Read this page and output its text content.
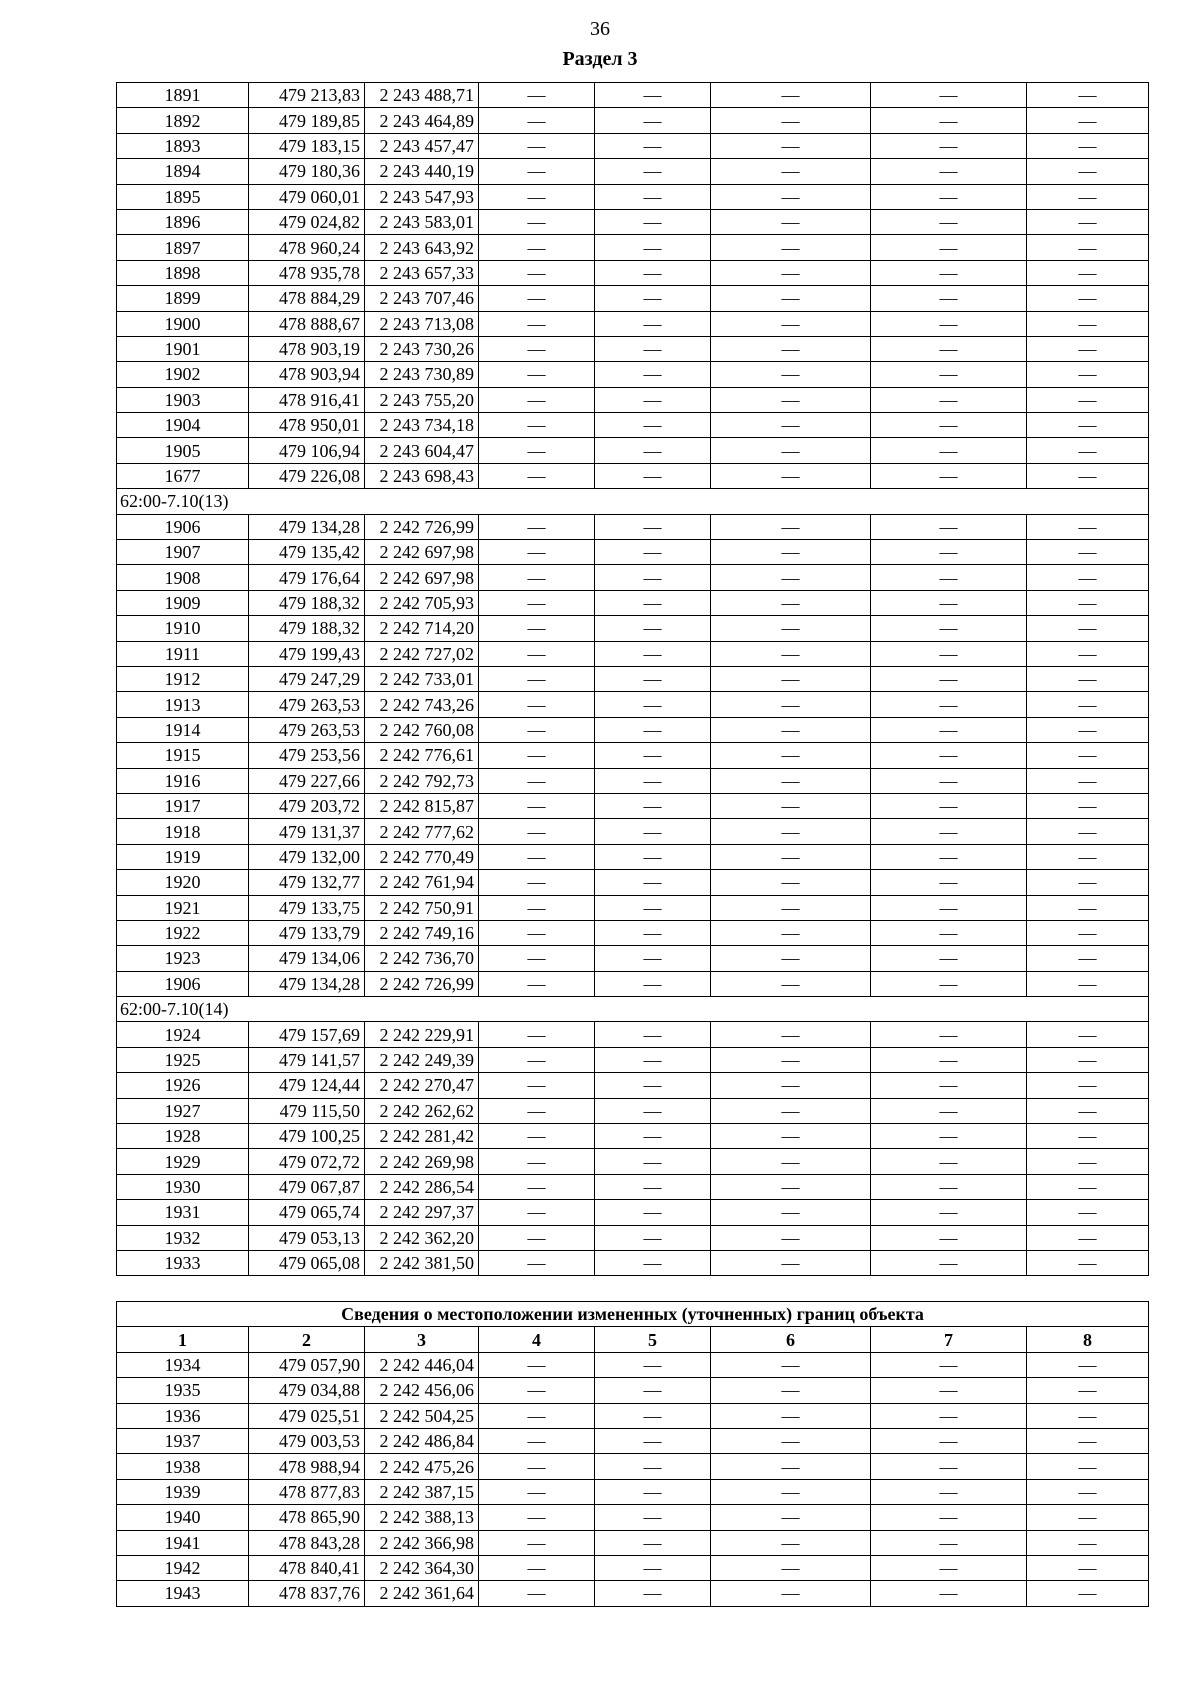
36
Раздел 3
1891	479 213,83	2 243 488,71	—	—	—	—	—
1892	479 189,85	2 243 464,89	—	—	—	—	—
1893	479 183,15	2 243 457,47	—	—	—	—	—
1894	479 180,36	2 243 440,19	—	—	—	—	—
1895	479 060,01	2 243 547,93	—	—	—	—	—
1896	479 024,82	2 243 583,01	—	—	—	—	—
1897	478 960,24	2 243 643,92	—	—	—	—	—
1898	478 935,78	2 243 657,33	—	—	—	—	—
1899	478 884,29	2 243 707,46	—	—	—	—	—
1900	478 888,67	2 243 713,08	—	—	—	—	—
1901	478 903,19	2 243 730,26	—	—	—	—	—
1902	478 903,94	2 243 730,89	—	—	—	—	—
1903	478 916,41	2 243 755,20	—	—	—	—	—
1904	478 950,01	2 243 734,18	—	—	—	—	—
1905	479 106,94	2 243 604,47	—	—	—	—	—
1677	479 226,08	2 243 698,43	—	—	—	—	—
62:00-7.10(13)							
1906	479 134,28	2 242 726,99	—	—	—	—	—
1907	479 135,42	2 242 697,98	—	—	—	—	—
1908	479 176,64	2 242 697,98	—	—	—	—	—
1909	479 188,32	2 242 705,93	—	—	—	—	—
1910	479 188,32	2 242 714,20	—	—	—	—	—
1911	479 199,43	2 242 727,02	—	—	—	—	—
1912	479 247,29	2 242 733,01	—	—	—	—	—
1913	479 263,53	2 242 743,26	—	—	—	—	—
1914	479 263,53	2 242 760,08	—	—	—	—	—
1915	479 253,56	2 242 776,61	—	—	—	—	—
1916	479 227,66	2 242 792,73	—	—	—	—	—
1917	479 203,72	2 242 815,87	—	—	—	—	—
1918	479 131,37	2 242 777,62	—	—	—	—	—
1919	479 132,00	2 242 770,49	—	—	—	—	—
1920	479 132,77	2 242 761,94	—	—	—	—	—
1921	479 133,75	2 242 750,91	—	—	—	—	—
1922	479 133,79	2 242 749,16	—	—	—	—	—
1923	479 134,06	2 242 736,70	—	—	—	—	—
1906	479 134,28	2 242 726,99	—	—	—	—	—
62:00-7.10(14)							
1924	479 157,69	2 242 229,91	—	—	—	—	—
1925	479 141,57	2 242 249,39	—	—	—	—	—
1926	479 124,44	2 242 270,47	—	—	—	—	—
1927	479 115,50	2 242 262,62	—	—	—	—	—
1928	479 100,25	2 242 281,42	—	—	—	—	—
1929	479 072,72	2 242 269,98	—	—	—	—	—
1930	479 067,87	2 242 286,54	—	—	—	—	—
1931	479 065,74	2 242 297,37	—	—	—	—	—
1932	479 053,13	2 242 362,20	—	—	—	—	—
1933	479 065,08	2 242 381,50	—	—	—	—	—
Сведения о местоположении измененных (уточненных) границ объекта							
1	2	3	4	5	6	7	8
1934	479 057,90	2 242 446,04	—	—	—	—	—
1935	479 034,88	2 242 456,06	—	—	—	—	—
1936	479 025,51	2 242 504,25	—	—	—	—	—
1937	479 003,53	2 242 486,84	—	—	—	—	—
1938	478 988,94	2 242 475,26	—	—	—	—	—
1939	478 877,83	2 242 387,15	—	—	—	—	—
1940	478 865,90	2 242 388,13	—	—	—	—	—
1941	478 843,28	2 242 366,98	—	—	—	—	—
1942	478 840,41	2 242 364,30	—	—	—	—	—
1943	478 837,76	2 242 361,64	—	—	—	—	—
